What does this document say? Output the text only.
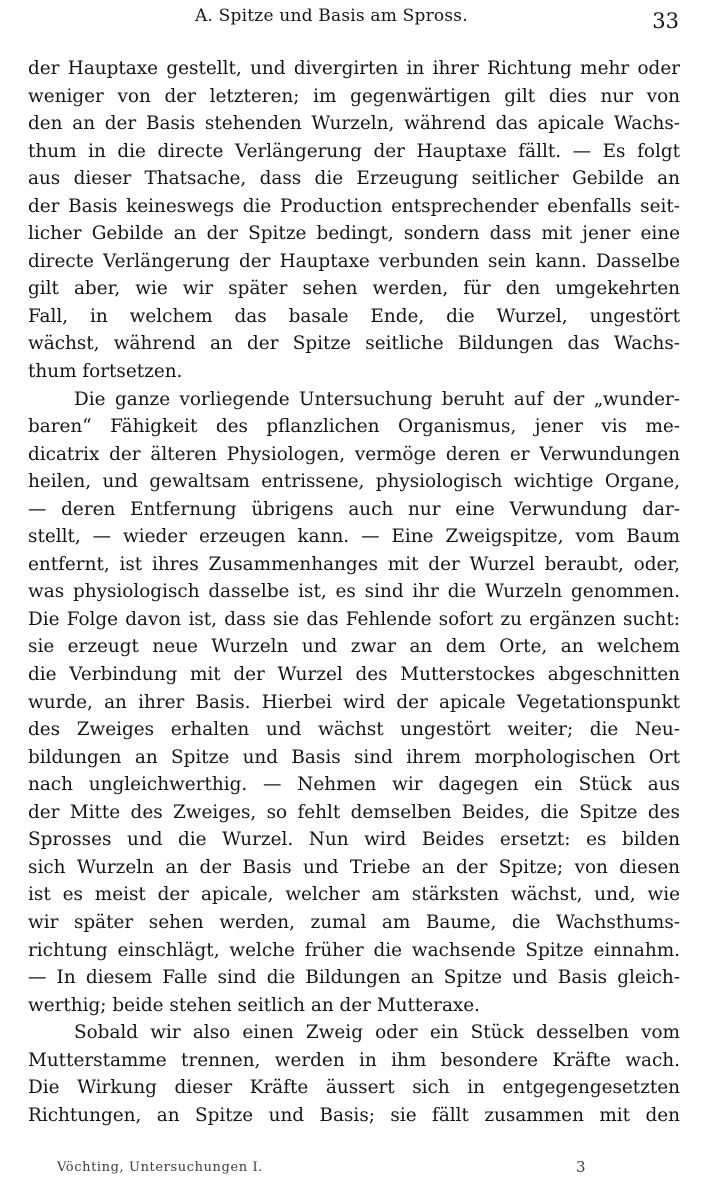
A. Spitze und Basis am Spross.	33
der Hauptaxe gestellt, und divergirten in ihrer Richtung mehr oder
weniger von der letzteren; im gegenwärtigen gilt dies nur von
den an der Basis stehenden Wurzeln, während das apicale Wachs-
thum in die directe Verlängerung der Hauptaxe fällt. — Es folgt
aus dieser Thatsache, dass die Erzeugung seitlicher Gebilde an
der Basis keineswegs die Production entsprechender ebenfalls seit-
licher Gebilde an der Spitze bedingt, sondern dass mit jener eine
directe Verlängerung der Hauptaxe verbunden sein kann. Dasselbe
gilt aber, wie wir später sehen werden, für den umgekehrten
Fall, in welchem das basale Ende, die Wurzel, ungestört
wächst, während an der Spitze seitliche Bildungen das Wachs-
thum fortsetzen.
Die ganze vorliegende Untersuchung beruht auf der „wunder-
baren“ Fähigkeit des pflanzlichen Organismus, jener vis me-
dicatrix der älteren Physiologen, vermöge deren er Verwundungen
heilen, und gewaltsam entrissene, physiologisch wichtige Organe,
— deren Entfernung übrigens auch nur eine Verwundung dar-
stellt, — wieder erzeugen kann. — Eine Zweigspitze, vom Baum
entfernt, ist ihres Zusammenhanges mit der Wurzel beraubt, oder,
was physiologisch dasselbe ist, es sind ihr die Wurzeln genommen.
Die Folge davon ist, dass sie das Fehlende sofort zu ergänzen sucht:
sie erzeugt neue Wurzeln und zwar an dem Orte, an welchem
die Verbindung mit der Wurzel des Mutterstockes abgeschnitten
wurde, an ihrer Basis. Hierbei wird der apicale Vegetationspunkt
des Zweiges erhalten und wächst ungestört weiter; die Neu-
bildungen an Spitze und Basis sind ihrem morphologischen Ort
nach ungleichwerthig. — Nehmen wir dagegen ein Stück aus
der Mitte des Zweiges, so fehlt demselben Beides, die Spitze des
Sprosses und die Wurzel. Nun wird Beides ersetzt: es bilden
sich Wurzeln an der Basis und Triebe an der Spitze; von diesen
ist es meist der apicale, welcher am stärksten wächst, und, wie
wir später sehen werden, zumal am Baume, die Wachsthums-
richtung einschlägt, welche früher die wachsende Spitze einnahm.
— In diesem Falle sind die Bildungen an Spitze und Basis gleich-
werthig; beide stehen seitlich an der Mutteraxe.
Sobald wir also einen Zweig oder ein Stück desselben vom
Mutterstamme trennen, werden in ihm besondere Kräfte wach.
Die Wirkung dieser Kräfte äussert sich in entgegengesetzten
Richtungen, an Spitze und Basis; sie fällt zusammen mit den
Vöchting, Untersuchungen I.	3
